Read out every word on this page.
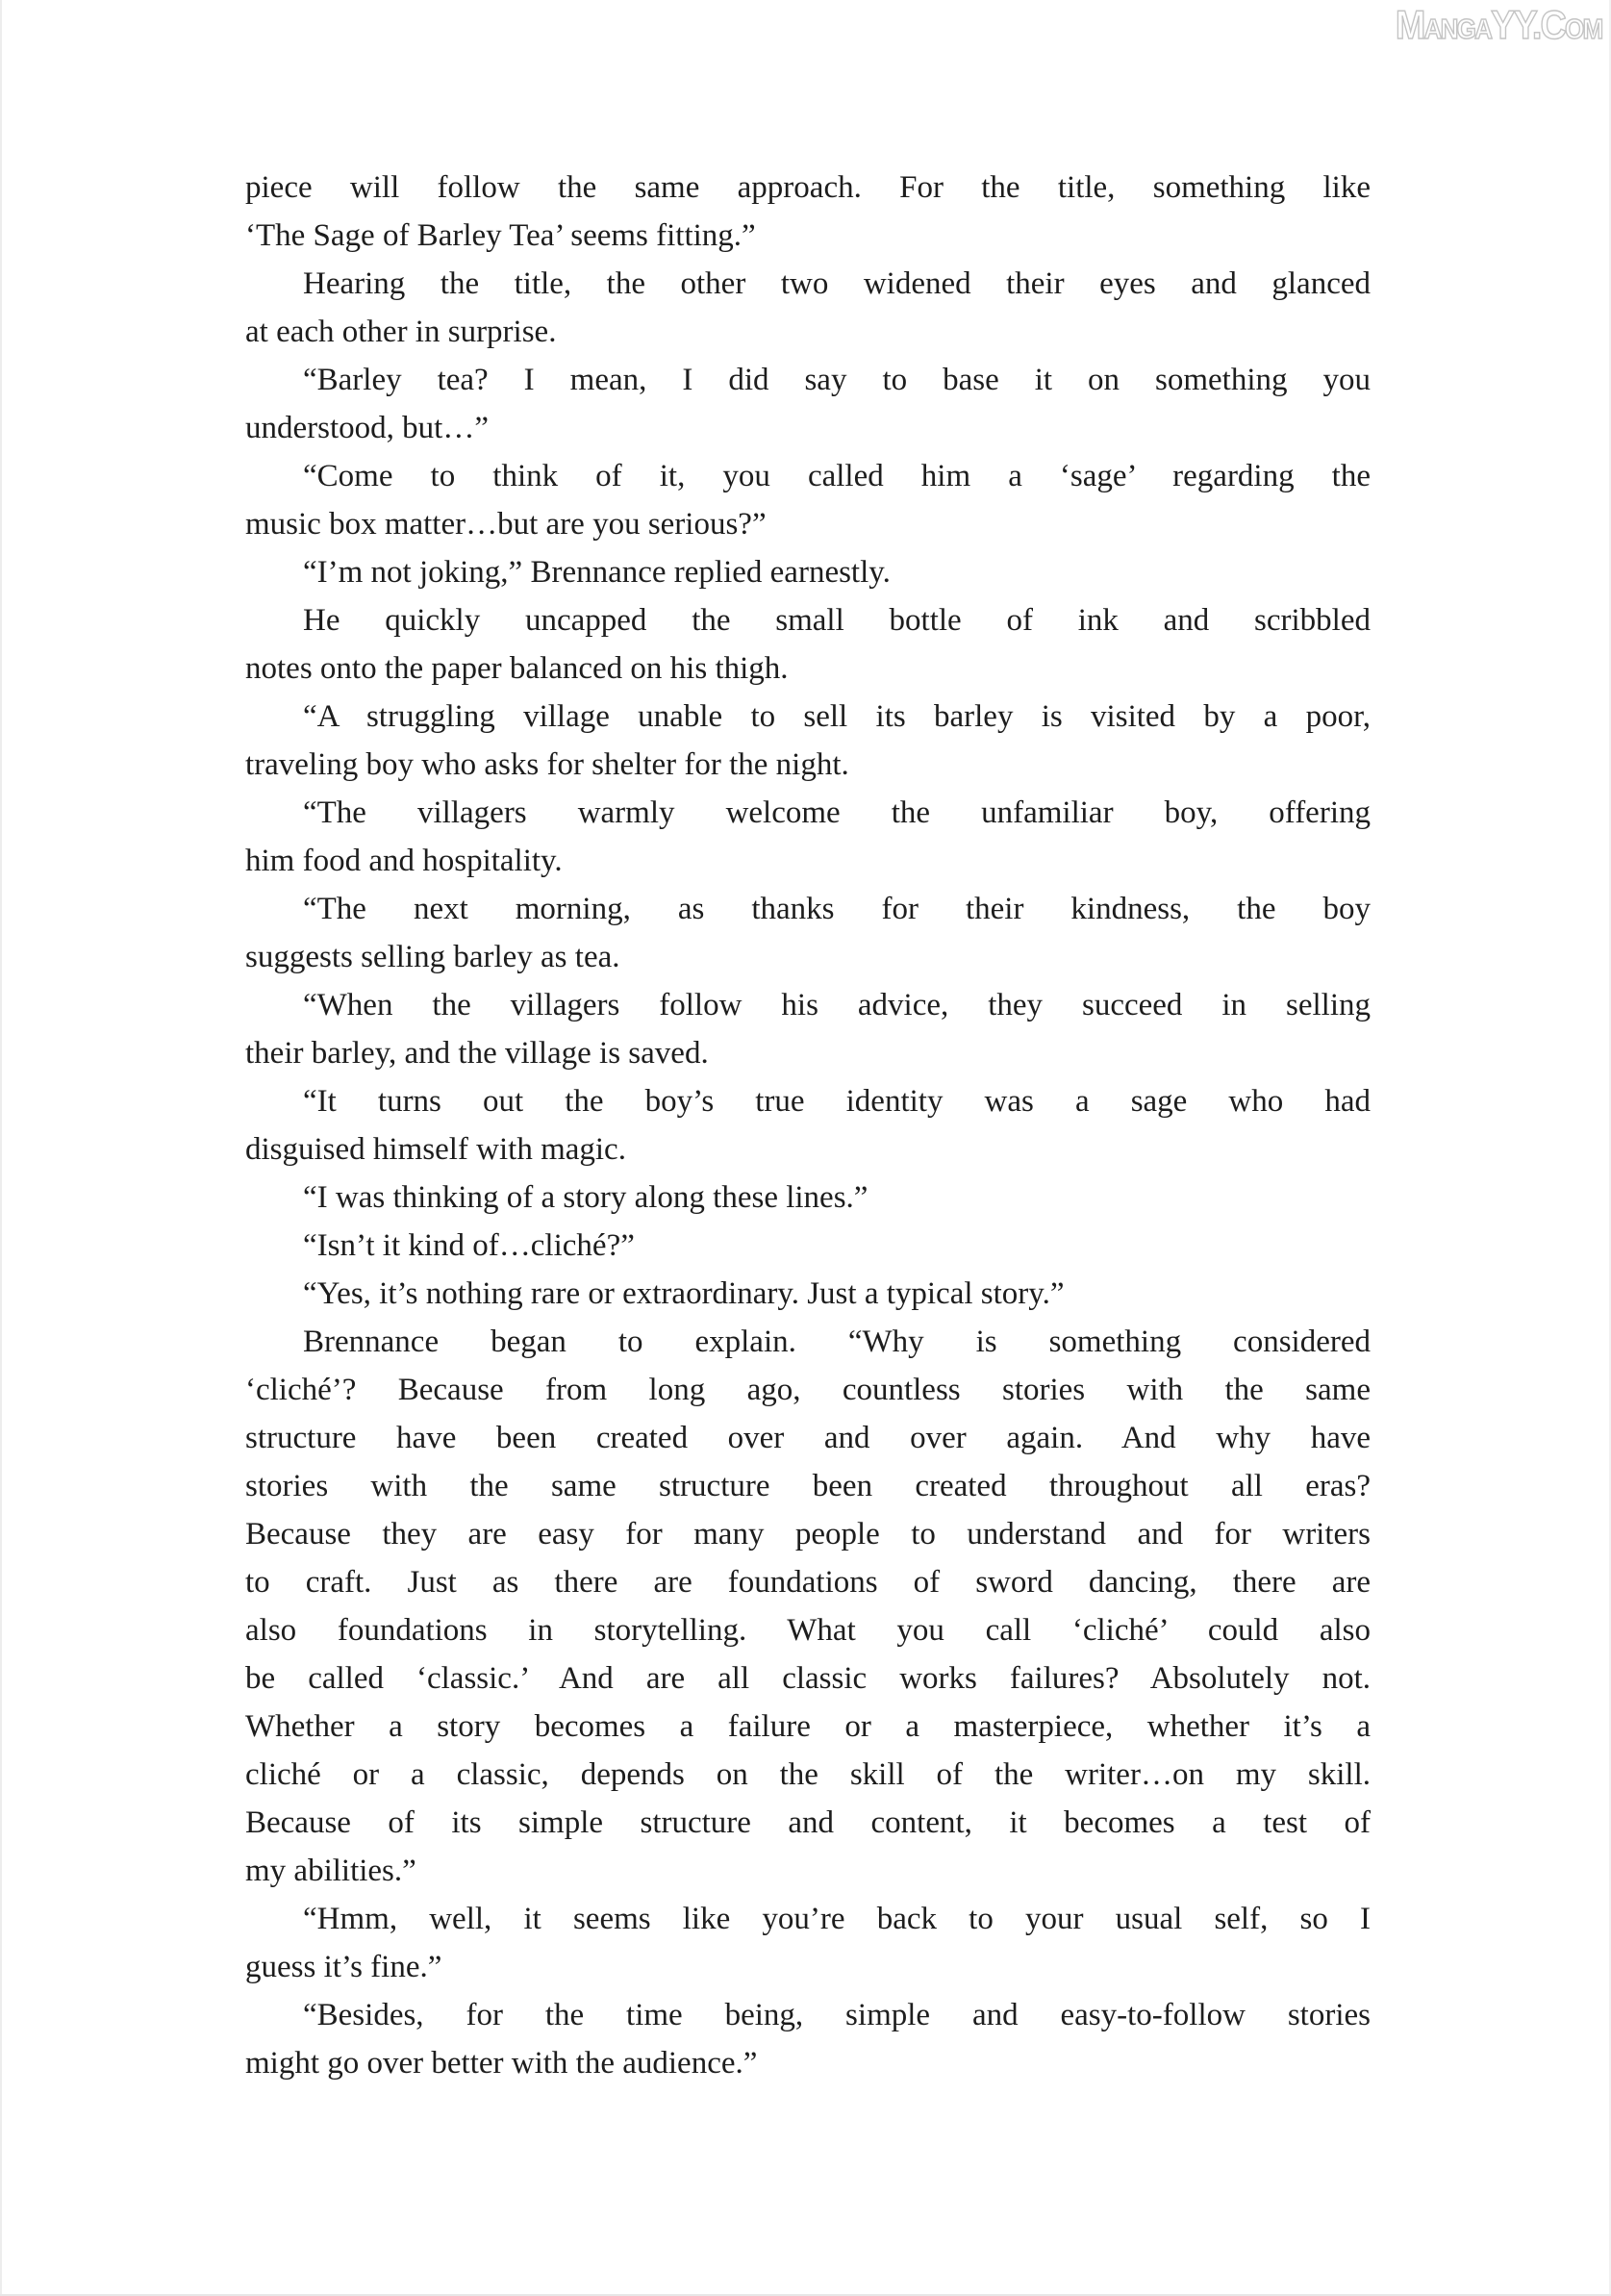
MangaYY.Com
piece will follow the same approach. For the title, something like
‘The Sage of Barley Tea’ seems fitting.”
Hearing the title, the other two widened their eyes and glanced
at each other in surprise.
“Barley tea? I mean, I did say to base it on something you
understood, but…”
“Come to think of it, you called him a ‘sage’ regarding the
music box matter…but are you serious?”
“I’m not joking,” Brennance replied earnestly.
He quickly uncapped the small bottle of ink and scribbled
notes onto the paper balanced on his thigh.
“A struggling village unable to sell its barley is visited by a poor,
traveling boy who asks for shelter for the night.
“The villagers warmly welcome the unfamiliar boy, offering
him food and hospitality.
“The next morning, as thanks for their kindness, the boy
suggests selling barley as tea.
“When the villagers follow his advice, they succeed in selling
their barley, and the village is saved.
“It turns out the boy’s true identity was a sage who had
disguised himself with magic.
“I was thinking of a story along these lines.”
“Isn’t it kind of…cliché?”
“Yes, it’s nothing rare or extraordinary. Just a typical story.”
Brennance began to explain. “Why is something considered
‘cliché’? Because from long ago, countless stories with the same
structure have been created over and over again. And why have
stories with the same structure been created throughout all eras?
Because they are easy for many people to understand and for writers
to craft. Just as there are foundations of sword dancing, there are
also foundations in storytelling. What you call ‘cliché’ could also
be called ‘classic.’ And are all classic works failures? Absolutely not.
Whether a story becomes a failure or a masterpiece, whether it’s a
cliché or a classic, depends on the skill of the writer…on my skill.
Because of its simple structure and content, it becomes a test of
my abilities.”
“Hmm, well, it seems like you’re back to your usual self, so I
guess it’s fine.”
“Besides, for the time being, simple and easy-to-follow stories
might go over better with the audience.”
